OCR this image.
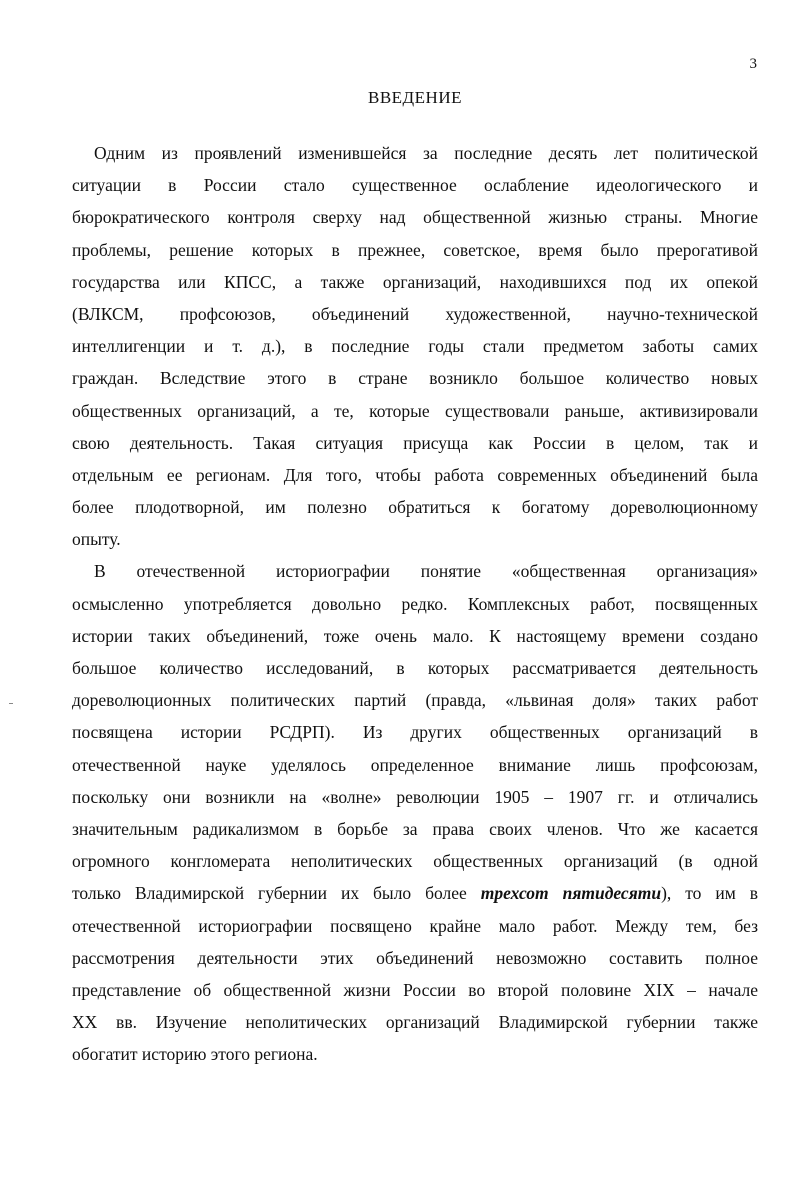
3
ВВЕДЕНИЕ
Одним из проявлений изменившейся за последние десять лет политической
ситуации в России стало существенное ослабление идеологического и
бюрократического контроля сверху над общественной жизнью страны. Многие
проблемы, решение которых в прежнее, советское, время было прерогативой
государства или КПСС, а также организаций, находившихся под их опекой
(ВЛКСМ, профсоюзов, объединений художественной, научно-технической
интеллигенции и т. д.), в последние годы стали предметом заботы самих
граждан. Вследствие этого в стране возникло большое количество новых
общественных организаций, а те, которые существовали раньше, активизировали
свою деятельность. Такая ситуация присуща как России в целом, так и
отдельным ее регионам. Для того, чтобы работа современных объединений была
более плодотворной, им полезно обратиться к богатому дореволюционному
опыту.
В отечественной историографии понятие «общественная организация»
осмысленно употребляется довольно редко. Комплексных работ, посвященных
истории таких объединений, тоже очень мало. К настоящему времени создано
большое количество исследований, в которых рассматривается деятельность
дореволюционных политических партий (правда, «львиная доля» таких работ
посвящена истории РСДРП). Из других общественных организаций в
отечественной науке уделялось определенное внимание лишь профсоюзам,
поскольку они возникли на «волне» революции 1905 – 1907 гг. и отличались
значительным радикализмом в борьбе за права своих членов. Что же касается
огромного конгломерата неполитических общественных организаций (в одной
только Владимирской губернии их было более трехсот пятидесяти), то им в
отечественной историографии посвящено крайне мало работ. Между тем, без
рассмотрения деятельности этих объединений невозможно составить полное
представление об общественной жизни России во второй половине XIX – начале
XX вв. Изучение неполитических организаций Владимирской губернии также
обогатит историю этого региона.
